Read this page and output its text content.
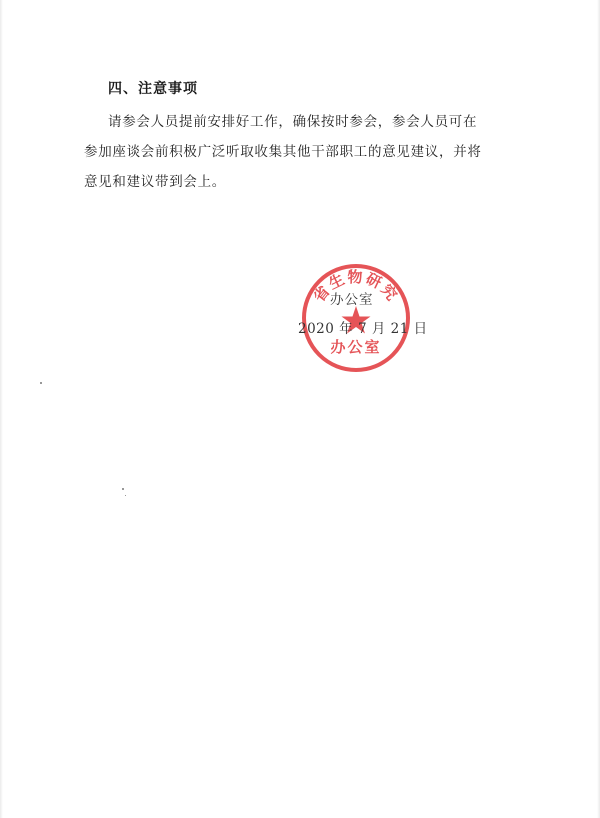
四、注意事项
请参会人员提前安排好工作，确保按时参会，参会人员可在
参加座谈会前积极广泛听取收集其他干部职工的意见建议，并将
意见和建议带到会上。
省生物研究
办公室
办公室
2020 年 7 月 21 日
